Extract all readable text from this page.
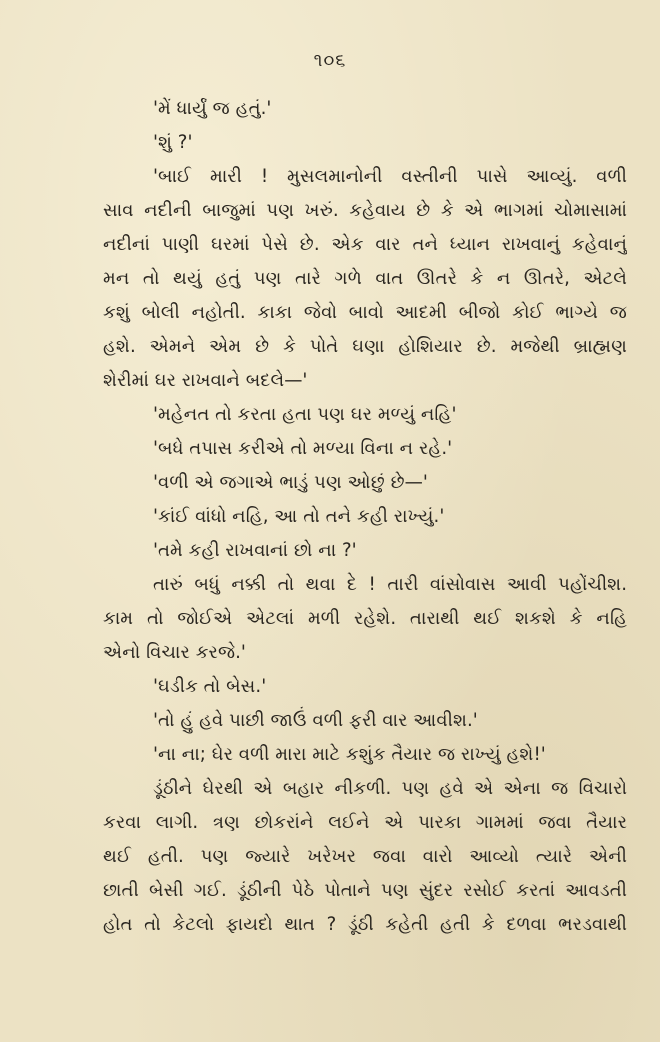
૧૦૬
'મેં ધાર્યું જ હતું.'
'શું ?'
'બાઈ મારી ! મુસલમાનોની વસ્તીની પાસે આવ્યું. વળી
સાવ નદીની બાજુમાં પણ ખરું. કહેવાય છે કે એ ભાગમાં ચોમાસામાં
નદીનાં પાણી ઘરમાં પેસે છે. એક વાર તને ધ્યાન રાખવાનું કહેવાનું
મન તો થયું હતું પણ તારે ગળે વાત ઊતરે કે ન ઊતરે, એટલે
કશું બોલી નહોતી. કાકા જેવો બાવો આદમી બીજો કોઈ ભાગ્યે જ
હશે. એમને એમ છે કે પોતે ઘણા હોશિયાર છે. મજેથી બ્રાહ્મણ
શેરીમાં ઘર રાખવાને બદલે—'
'મહેનત તો કરતા હતા પણ ઘર મળ્યું નહિ'
'બધે તપાસ કરીએ તો મળ્યા વિના ન રહે.'
'વળી એ જગાએ ભાડું પણ ઓછું છે—'
'કાંઈ વાંધો નહિ, આ તો તને કહી રાખ્યું.'
'તમે કહી રાખવાનાં છો ના ?'
તારું બધું નક્કી તો થવા દે ! તારી વાંસોવાસ આવી પહોંચીશ.
કામ તો જોઈએ એટલાં મળી રહેશે. તારાથી થઈ શકશે કે નહિ
એનો વિચાર કરજે.'
'ઘડીક તો બેસ.'
'તો હું હવે પાછી જાઉં વળી ફરી વાર આવીશ.'
'ના ના; ઘેર વળી મારા માટે કશુંક તૈયાર જ રાખ્યું હશે!'
ડૂંઠીને ઘેરથી એ બહાર નીકળી. પણ હવે એ એના જ વિચારો
કરવા લાગી. ત્રણ છોકરાંને લઈને એ પારકા ગામમાં જવા તૈયાર
થઈ હતી. પણ જ્યારે ખરેખર જવા વારો આવ્યો ત્યારે એની
છાતી બેસી ગઈ. ડૂંઠીની પેઠે પોતાને પણ સુંદર રસોઈ કરતાં આવડતી
હોત તો કેટલો ફાયદો થાત ? ડૂંઠી કહેતી હતી કે દળવા ભરડવાથી
